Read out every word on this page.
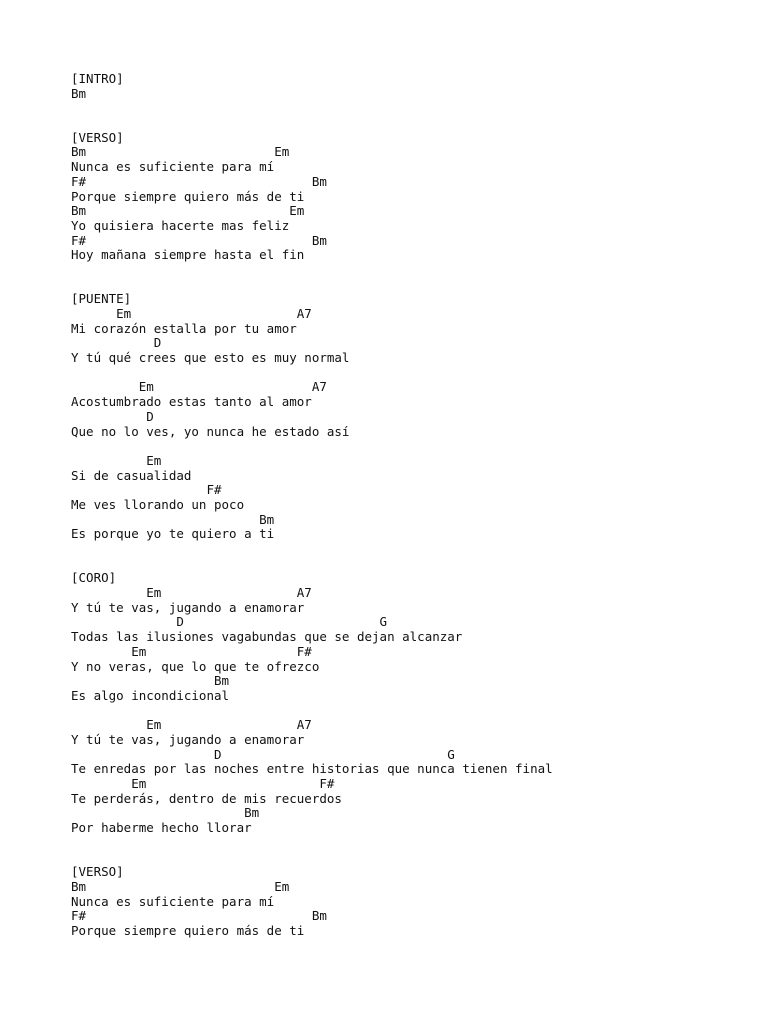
[INTRO]
Bm
[VERSO]
Bm                         Em
Nunca es suficiente para mí
F#                              Bm
Porque siempre quiero más de ti
Bm                           Em
Yo quisiera hacerte mas feliz
F#                              Bm
Hoy mañana siempre hasta el fin
[PUENTE]
Em                      A7
Mi corazón estalla por tu amor
D
Y tú qué crees que esto es muy normal
Em                     A7
Acostumbrado estas tanto al amor
D
Que no lo ves, yo nunca he estado así
Em
Si de casualidad
F#
Me ves llorando un poco
Bm
Es porque yo te quiero a ti
[CORO]
Em                  A7
Y tú te vas, jugando a enamorar
D                          G
Todas las ilusiones vagabundas que se dejan alcanzar
Em                    F#
Y no veras, que lo que te ofrezco
Bm
Es algo incondicional
Em                  A7
Y tú te vas, jugando a enamorar
D                              G
Te enredas por las noches entre historias que nunca tienen final
Em                       F#
Te perderás, dentro de mis recuerdos
Bm
Por haberme hecho llorar
[VERSO]
Bm                         Em
Nunca es suficiente para mí
F#                              Bm
Porque siempre quiero más de ti
